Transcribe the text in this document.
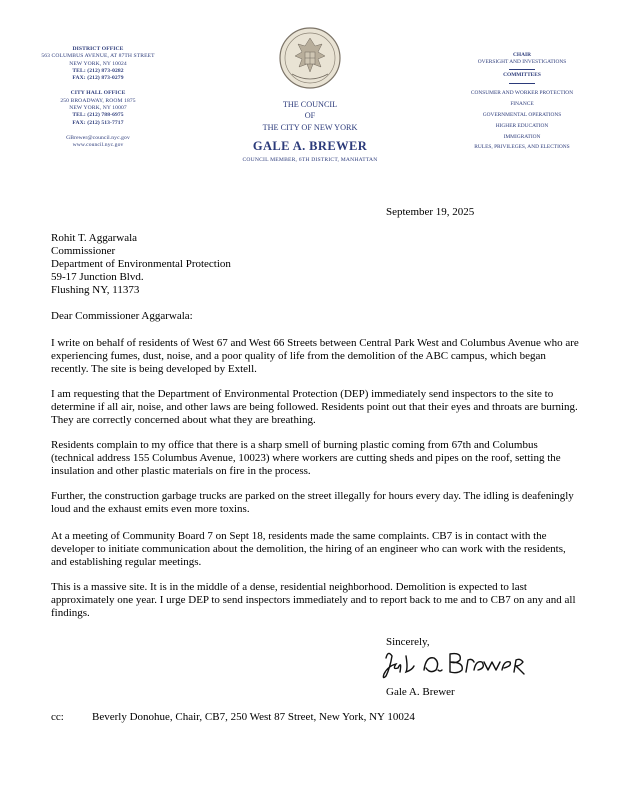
DISTRICT OFFICE
563 COLUMBUS AVENUE, AT 87TH STREET
NEW YORK, NY 10024
TEL: (212) 873-0282
FAX: (212) 873-0279
CITY HALL OFFICE
250 BROADWAY, ROOM 1875
NEW YORK, NY 10007
TEL: (212) 788-6975
FAX: (212) 513-7717
GBrewer@council.nyc.gov
www.council.nyc.gov
THE COUNCIL
OF
THE CITY OF NEW YORK
GALE A. BREWER
COUNCIL MEMBER, 6TH DISTRICT, MANHATTAN
CHAIR
OVERSIGHT AND INVESTIGATIONS
COMMITTEES
CONSUMER AND WORKER PROTECTION
FINANCE
GOVERNMENTAL OPERATIONS
HIGHER EDUCATION
IMMIGRATION
RULES, PRIVILEGES, AND ELECTIONS
September 19, 2025
Rohit T. Aggarwala
Commissioner
Department of Environmental Protection
59-17 Junction Blvd.
Flushing NY, 11373
Dear Commissioner Aggarwala:
I write on behalf of residents of West 67 and West 66 Streets between Central Park West and Columbus Avenue who are experiencing fumes, dust, noise, and a poor quality of life from the demolition of the ABC campus, which began recently. The site is being developed by Extell.
I am requesting that the Department of Environmental Protection (DEP) immediately send inspectors to the site to determine if all air, noise, and other laws are being followed. Residents point out that their eyes and throats are burning. They are correctly concerned about what they are breathing.
Residents complain to my office that there is a sharp smell of burning plastic coming from 67th and Columbus (technical address 155 Columbus Avenue, 10023) where workers are cutting sheds and pipes on the roof, setting the insulation and other plastic materials on fire in the process.
Further, the construction garbage trucks are parked on the street illegally for hours every day. The idling is deafeningly loud and the exhaust emits even more toxins.
At a meeting of Community Board 7 on Sept 18, residents made the same complaints. CB7 is in contact with the developer to initiate communication about the demolition, the hiring of an engineer who can work with the residents, and establishing regular meetings.
This is a massive site. It is in the middle of a dense, residential neighborhood. Demolition is expected to last approximately one year. I urge DEP to send inspectors immediately and to report back to me and to CB7 on any and all findings.
Sincerely,
Gale A. Brewer
cc:	Beverly Donohue, Chair, CB7, 250 West 87 Street, New York, NY 10024
